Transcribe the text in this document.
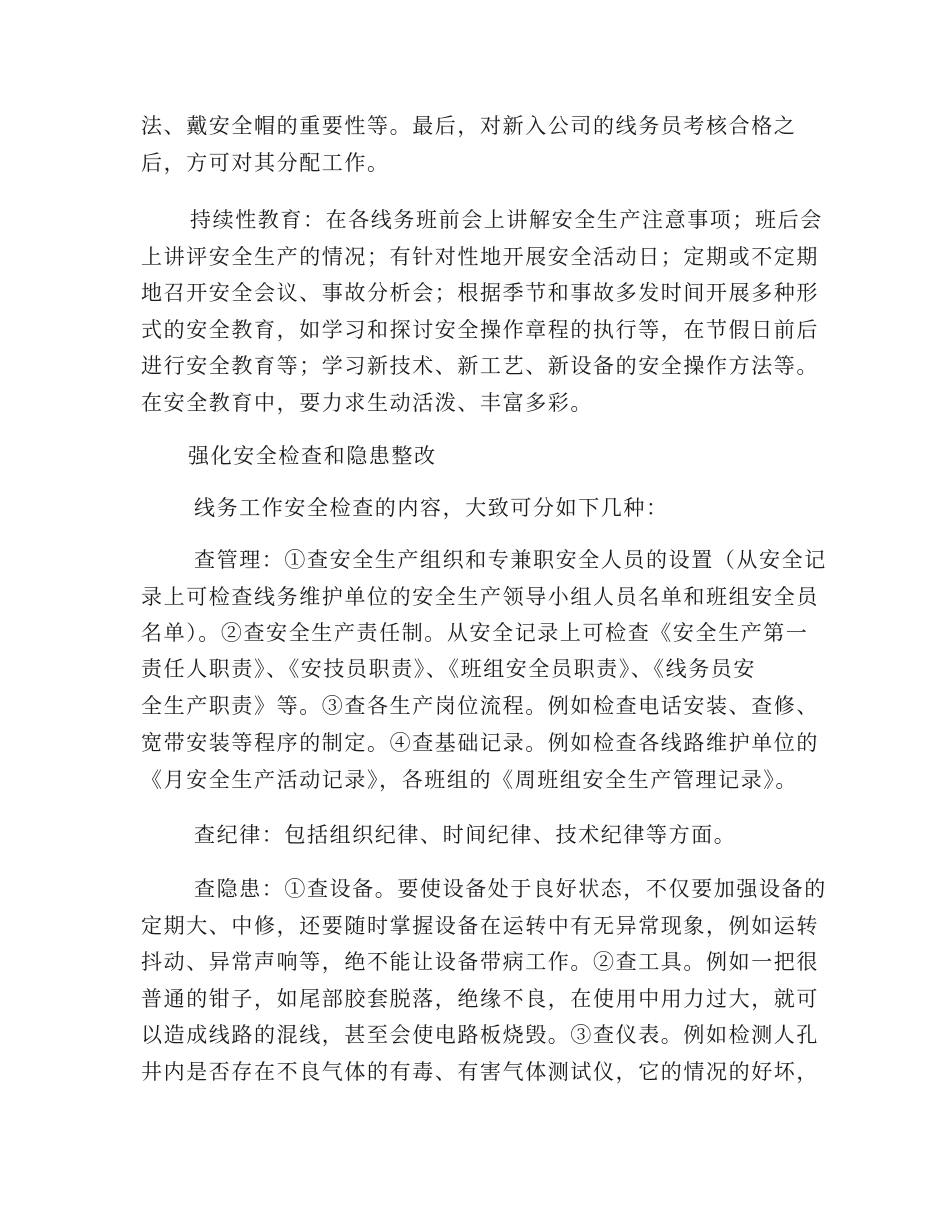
法、戴安全帽的重要性等。最后，对新入公司的线务员考核合格之
后，方可对其分配工作。
持续性教育：在各线务班前会上讲解安全生产注意事项；班后会
上讲评安全生产的情况；有针对性地开展安全活动日；定期或不定期
地召开安全会议、事故分析会；根据季节和事故多发时间开展多种形
式的安全教育，如学习和探讨安全操作章程的执行等，在节假日前后
进行安全教育等；学习新技术、新工艺、新设备的安全操作方法等。
在安全教育中，要力求生动活泼、丰富多彩。
强化安全检查和隐患整改
线务工作安全检查的内容，大致可分如下几种：
查管理：①查安全生产组织和专兼职安全人员的设置（从安全记
录上可检查线务维护单位的安全生产领导小组人员名单和班组安全员
名单）。②查安全生产责任制。从安全记录上可检查《安全生产第一
责任人职责》、《安技员职责》、《班组安全员职责》、《线务员安
全生产职责》等。③查各生产岗位流程。例如检查电话安装、查修、
宽带安装等程序的制定。④查基础记录。例如检查各线路维护单位的
《月安全生产活动记录》，各班组的《周班组安全生产管理记录》。
查纪律：包括组织纪律、时间纪律、技术纪律等方面。
查隐患：①查设备。要使设备处于良好状态，不仅要加强设备的
定期大、中修，还要随时掌握设备在运转中有无异常现象，例如运转
抖动、异常声响等，绝不能让设备带病工作。②查工具。例如一把很
普通的钳子，如尾部胶套脱落，绝缘不良，在使用中用力过大，就可
以造成线路的混线，甚至会使电路板烧毁。③查仪表。例如检测人孔
井内是否存在不良气体的有毒、有害气体测试仪，它的情况的好坏，
